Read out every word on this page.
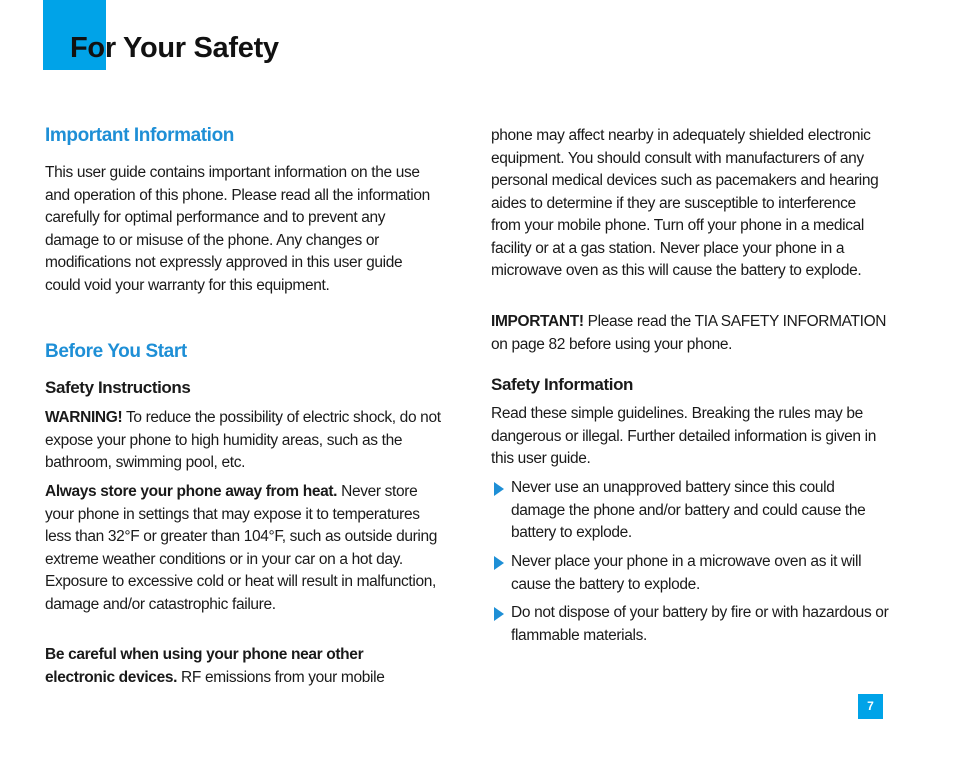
For Your Safety
Important Information

This user guide contains important information on the use and operation of this phone. Please read all the information carefully for optimal performance and to prevent any damage to or misuse of the phone. Any changes or modifications not expressly approved in this user guide could void your warranty for this equipment.

Before You Start
Safety Instructions

WARNING! To reduce the possibility of electric shock, do not expose your phone to high humidity areas, such as the bathroom, swimming pool, etc.

Always store your phone away from heat. Never store your phone in settings that may expose it to temperatures less than 32°F or greater than 104°F, such as outside during extreme weather conditions or in your car on a hot day. Exposure to excessive cold or heat will result in malfunction, damage and/or catastrophic failure.

Be careful when using your phone near other electronic devices. RF emissions from your mobile

phone may affect nearby in adequately shielded electronic equipment. You should consult with manufacturers of any personal medical devices such as pacemakers and hearing aides to determine if they are susceptible to interference from your mobile phone. Turn off your phone in a medical facility or at a gas station. Never place your phone in a microwave oven as this will cause the battery to explode.

IMPORTANT! Please read the TIA SAFETY INFORMATION on page 82 before using your phone.

Safety Information

Read these simple guidelines. Breaking the rules may be dangerous or illegal. Further detailed information is given in this user guide.

Never use an unapproved battery since this could damage the phone and/or battery and could cause the battery to explode.

Never place your phone in a microwave oven as it will cause the battery to explode.

Do not dispose of your battery by fire or with hazardous or flammable materials.

7
